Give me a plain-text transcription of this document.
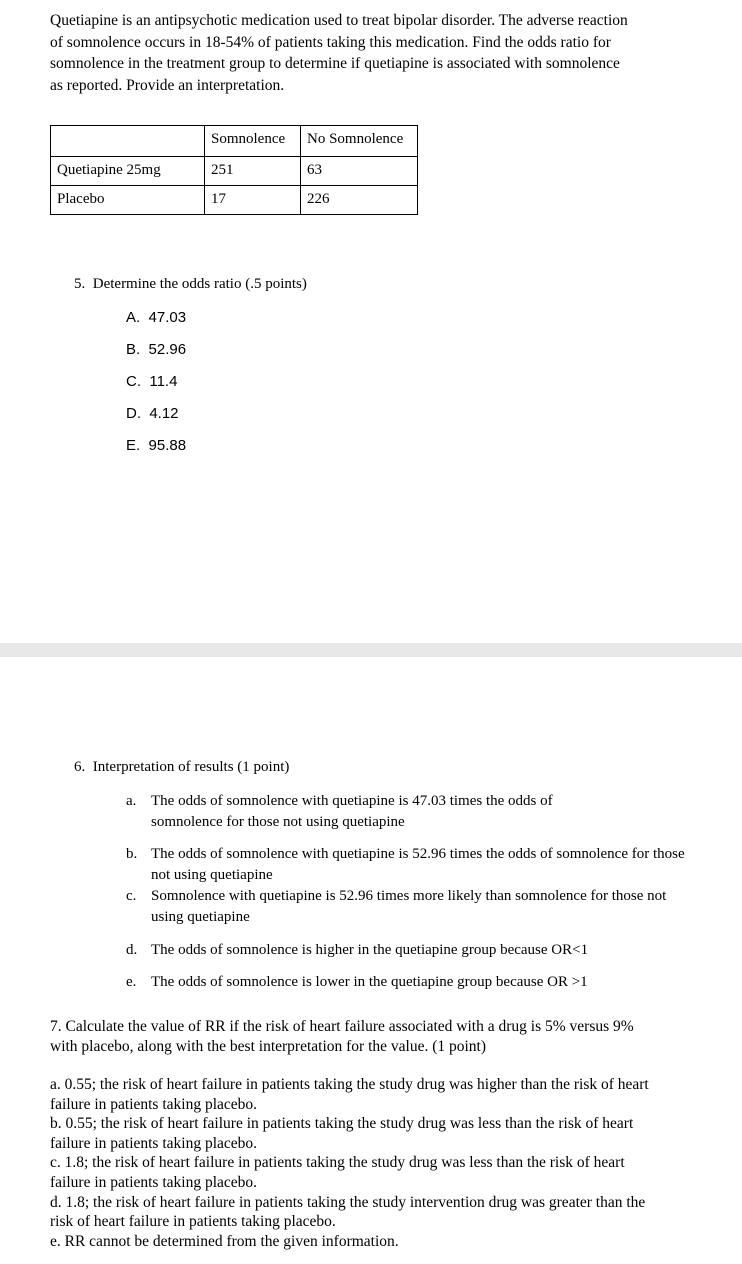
Quetiapine is an antipsychotic medication used to treat bipolar disorder. The adverse reaction

of somnolence occurs in 18-54% of patients taking this medication. Find the odds ratio for

somnolence in the treatment group to determine if quetiapine is associated with somnolence

as reported. Provide an interpretation.

	Somnolence	No Somnolence
Quetiapine 25mg	251	63
Placebo	17	226
5.  Determine the odds ratio (.5 points)
A.  47.03
B.  52.96
C.  11.4
D.  4.12
E.  95.88
6.  Interpretation of results (1 point)
a. The odds of somnolence with quetiapine is 47.03 times the odds of somnolence for those not using quetiapine
b. The odds of somnolence with quetiapine is 52.96 times the odds of somnolence for those not using quetiapine
c. Somnolence with quetiapine is 52.96 times more likely than somnolence for those not using quetiapine
d. The odds of somnolence is higher in the quetiapine group because OR<1
e. The odds of somnolence is lower in the quetiapine group because OR >1

7. Calculate the value of RR if the risk of heart failure associated with a drug is 5% versus 9%

with placebo, along with the best interpretation for the value. (1 point)

a. 0.55; the risk of heart failure in patients taking the study drug was higher than the risk of heart

failure in patients taking placebo.

b. 0.55; the risk of heart failure in patients taking the study drug was less than the risk of heart

failure in patients taking placebo.

c. 1.8; the risk of heart failure in patients taking the study drug was less than the risk of heart

failure in patients taking placebo.

d. 1.8; the risk of heart failure in patients taking the study intervention drug was greater than the

risk of heart failure in patients taking placebo.

e. RR cannot be determined from the given information.
